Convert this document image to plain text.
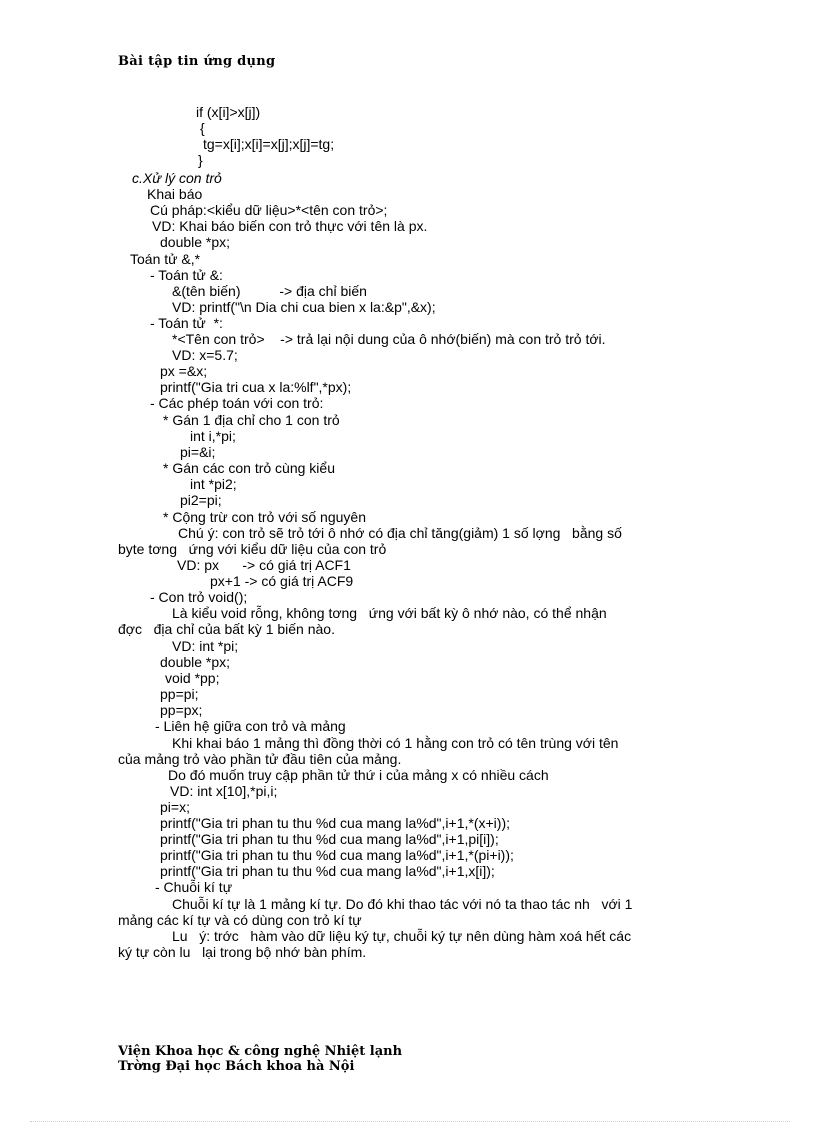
Bài tập tin ứng dụng
if (x[i]>x[j])
{
tg=x[i];x[i]=x[j];x[j]=tg;
}
c.Xử lý con trỏ
Khai báo
Cú pháp:<kiểu dữ liệu>*<tên con trỏ>;
VD: Khai báo biến con trỏ thực với tên là px.
double *px;
Toán tử &,*
- Toán tử &:
&(tên biến)          -> địa chỉ biến
VD: printf("\n Dia chi cua bien x la:&p",&x);
- Toán tử  *:
*<Tên con trỏ>    -> trả lại nội dung của ô nhớ(biến) mà con trỏ trỏ tới.
VD: x=5.7;
px =&x;
printf("Gia tri cua x la:%lf",*px);
- Các phép toán với con trỏ:
* Gán 1 địa chỉ cho 1 con trỏ
int i,*pi;
pi=&i;
* Gán các con trỏ cùng kiểu
int *pi2;
pi2=pi;
* Cộng trừ con trỏ với số nguyên
Chú ý: con trỏ sẽ trỏ tới ô nhớ có địa chỉ tăng(giảm) 1 số lợng   bằng số
byte tơng   ứng với kiểu dữ liệu của con trỏ
VD: px      -> có giá trị ACF1
px+1 -> có giá trị ACF9
- Con trỏ void();
Là kiểu void rỗng, không tơng   ứng với bất kỳ ô nhớ nào, có thể nhận
đợc   địa chỉ của bất kỳ 1 biến nào.
VD: int *pi;
double *px;
void *pp;
pp=pi;
pp=px;
- Liên hệ giữa con trỏ và mảng
Khi khai báo 1 mảng thì đồng thời có 1 hằng con trỏ có tên trùng với tên
của mảng trỏ vào phần tử đầu tiên của mảng.
Do đó muốn truy cập phần tử thứ i của mảng x có nhiều cách
VD: int x[10],*pi,i;
pi=x;
printf("Gia tri phan tu thu %d cua mang la%d",i+1,*(x+i));
printf("Gia tri phan tu thu %d cua mang la%d",i+1,pi[i]);
printf("Gia tri phan tu thu %d cua mang la%d",i+1,*(pi+i));
printf("Gia tri phan tu thu %d cua mang la%d",i+1,x[i]);
- Chuỗi kí tự
Chuỗi kí tự là 1 mảng kí tự. Do đó khi thao tác với nó ta thao tác nh   với 1
mảng các kí tự và có dùng con trỏ kí tự
Lu   ý: trớc   hàm vào dữ liệu ký tự, chuỗi ký tự nên dùng hàm xoá hết các
ký tự còn lu   lại trong bộ nhớ bàn phím.
Viện Khoa học & công nghệ Nhiệt lạnh
Trờng Đại học Bách khoa hà Nội
